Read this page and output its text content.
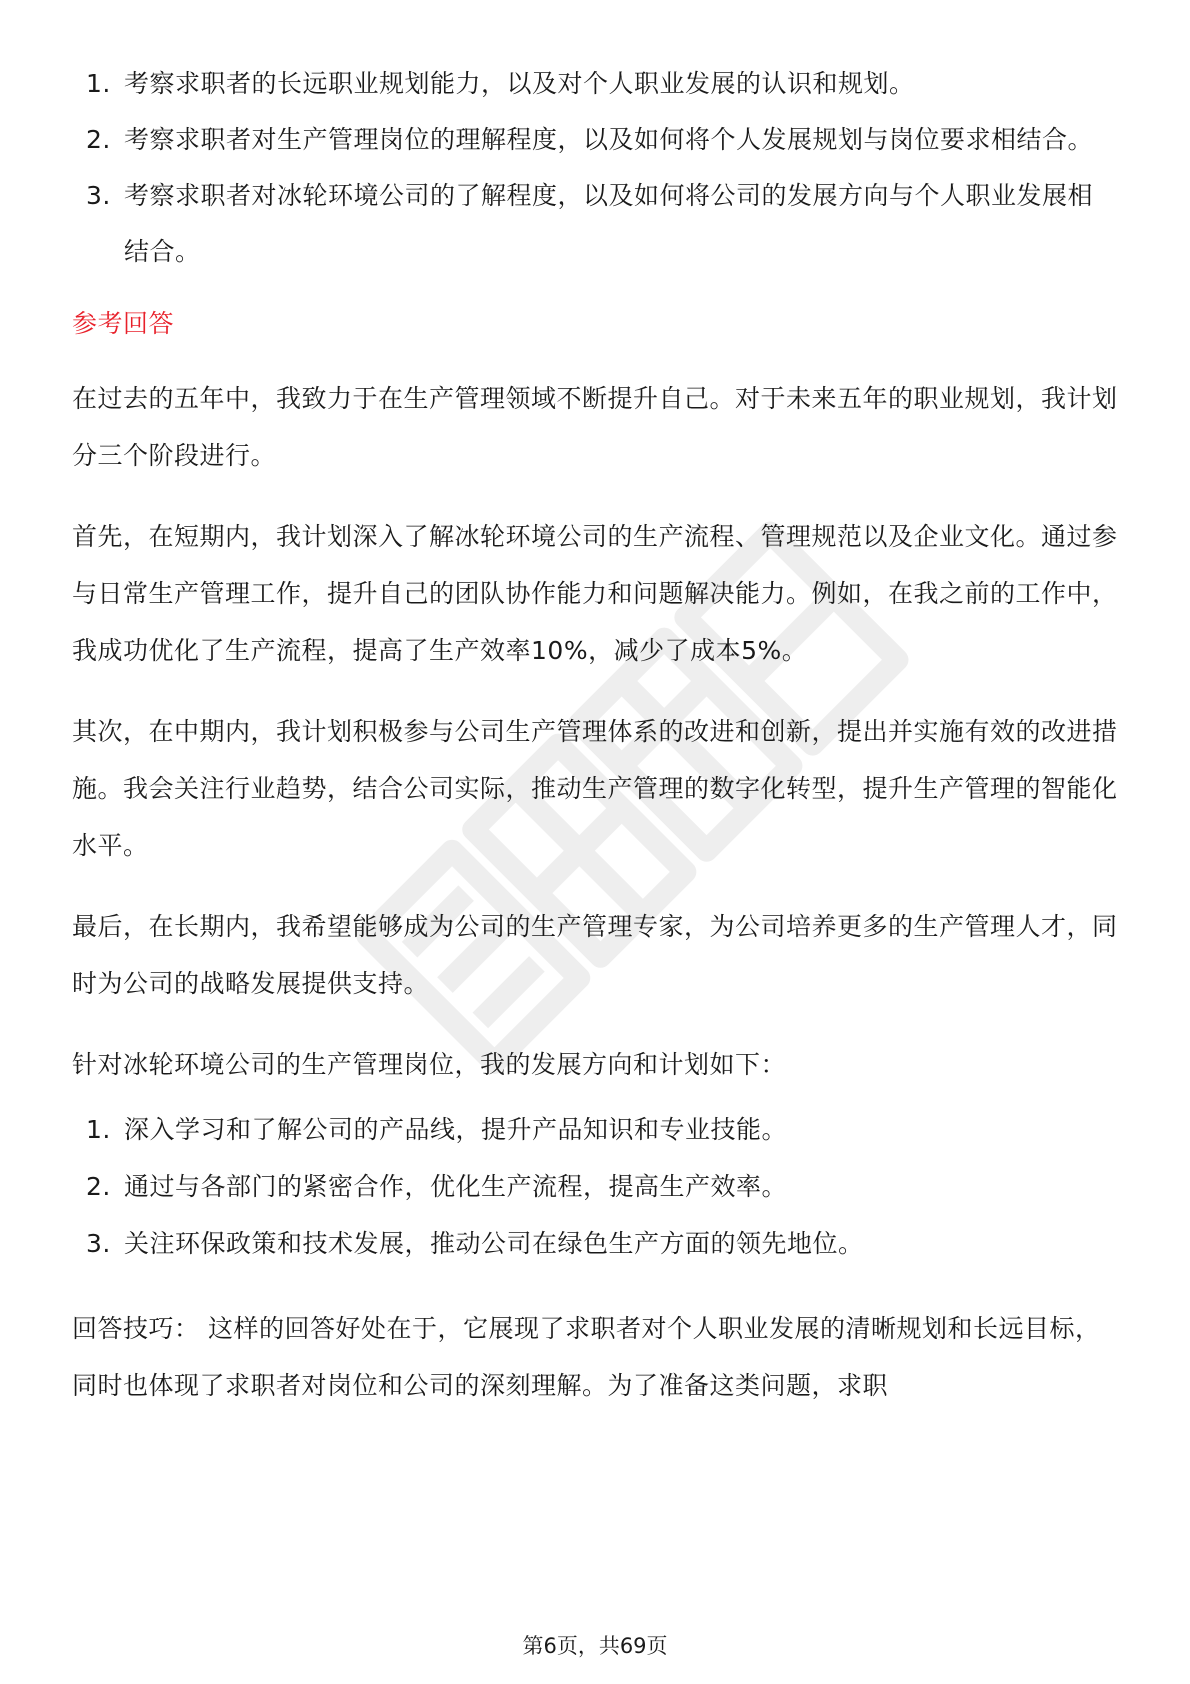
1. 考察求职者的长远职业规划能力，以及对个人职业发展的认识和规划。
2. 考察求职者对生产管理岗位的理解程度，以及如何将个人发展规划与岗位要求相结合。
3. 考察求职者对冰轮环境公司的了解程度，以及如何将公司的发展方向与个人职业发展相结合。
参考回答

在过去的五年中，我致力于在生产管理领域不断提升自己。对于未来五年的职业规划，我计划分三个阶段进行。

首先，在短期内，我计划深入了解冰轮环境公司的生产流程、管理规范以及企业文化。通过参与日常生产管理工作，提升自己的团队协作能力和问题解决能力。例如，在我之前的工作中，我成功优化了生产流程，提高了生产效率10%，减少了成本5%。

其次，在中期内，我计划积极参与公司生产管理体系的改进和创新，提出并实施有效的改进措施。我会关注行业趋势，结合公司实际，推动生产管理的数字化转型，提升生产管理的智能化水平。

最后，在长期内，我希望能够成为公司的生产管理专家，为公司培养更多的生产管理人才，同时为公司的战略发展提供支持。

针对冰轮环境公司的生产管理岗位，我的发展方向和计划如下：

1. 深入学习和了解公司的产品线，提升产品知识和专业技能。
2. 通过与各部门的紧密合作，优化生产流程，提高生产效率。
3. 关注环保政策和技术发展，推动公司在绿色生产方面的领先地位。

回答技巧： 这样的回答好处在于，它展现了求职者对个人职业发展的清晰规划和长远目标，同时也体现了求职者对岗位和公司的深刻理解。为了准备这类问题，求职

第6页，共69页
